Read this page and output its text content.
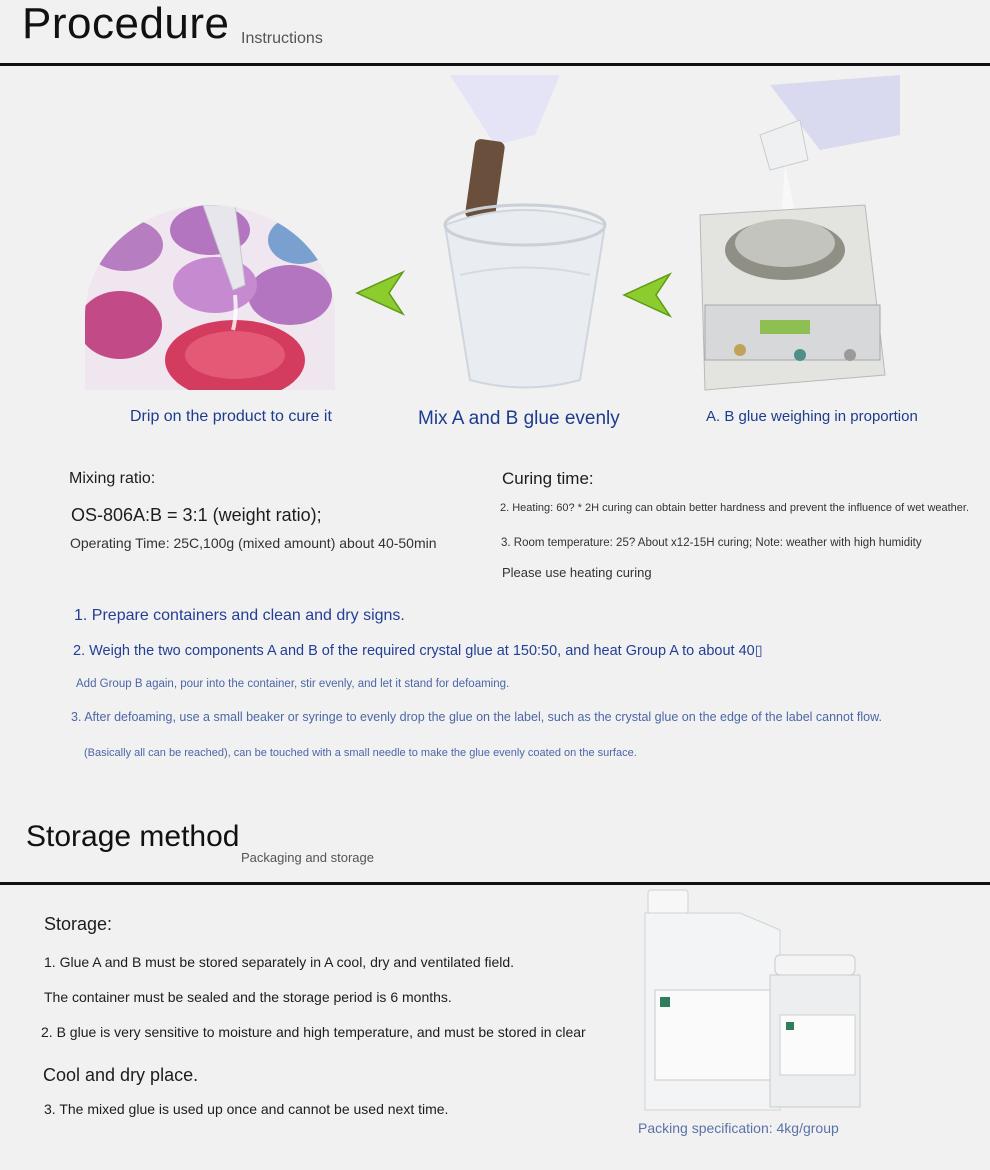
Procedure Instructions
Drip on the product to cure it	Mix A and B glue evenly	A. B glue weighing in proportion
Mixing ratio:
OS-806A:B = 3:1 (weight ratio);
Operating Time: 25C,100g (mixed amount) about 40-50min
Curing time:
2. Heating: 60? * 2H curing can obtain better hardness and prevent the influence of wet weather.
3. Room temperature: 25? About x12-15H curing; Note: weather with high humidity
Please use heating curing
1. Prepare containers and clean and dry signs.
2. Weigh the two components A and B of the required crystal glue at 150:50, and heat Group A to about 40▯
Add Group B again, pour into the container, stir evenly, and let it stand for defoaming.
3. After defoaming, use a small beaker or syringe to evenly drop the glue on the label, such as the crystal glue on the edge of the label cannot flow.
(Basically all can be reached), can be touched with a small needle to make the glue evenly coated on the surface.
Storage method
Packaging and storage
Storage:
1. Glue A and B must be stored separately in A cool, dry and ventilated field.
The container must be sealed and the storage period is 6 months.
2. B glue is very sensitive to moisture and high temperature, and must be stored in clear
Cool and dry place.
3. The mixed glue is used up once and cannot be used next time.
Packing specification: 4kg/group
